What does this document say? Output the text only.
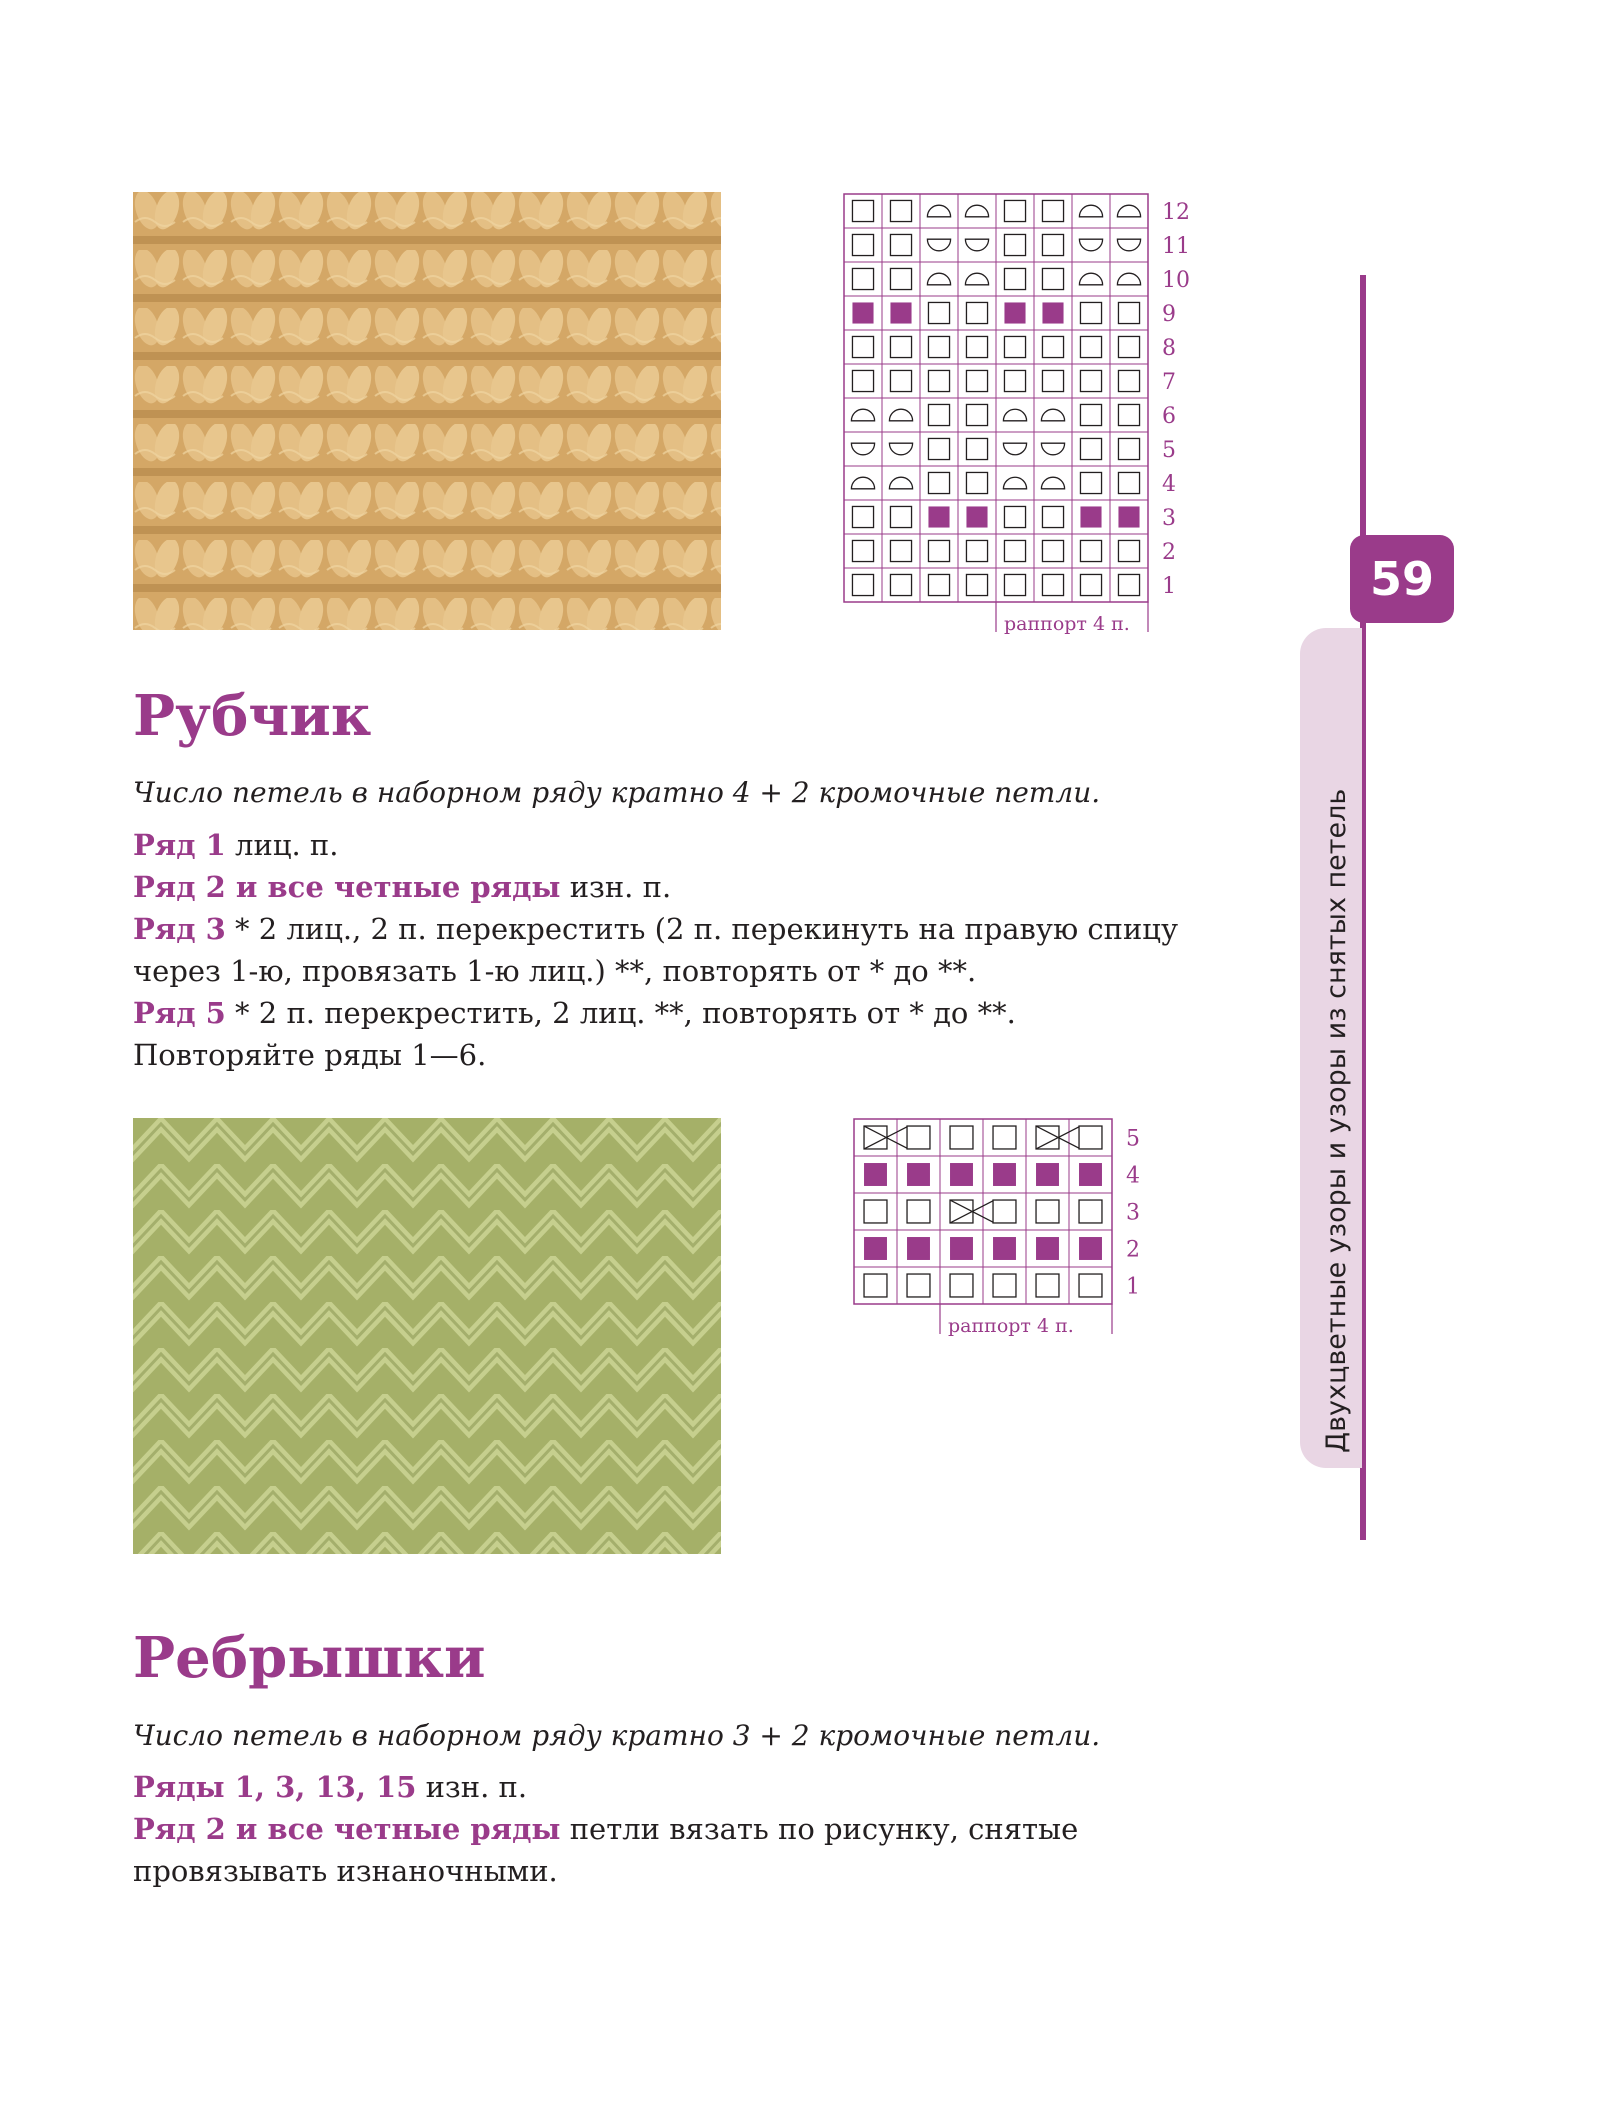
Двухцветные узоры и узоры из снятых петель
59
12
11
10
9
8
7
6
5
4
3
2
1
раппорт 4 п.
Рубчик

Число петель в наборном ряду кратно 4 + 2 кромочные петли.

Ряд 1 лиц. п.

Ряд 2 и все четные ряды изн. п.

Ряд 3 * 2 лиц., 2 п. перекрестить (2 п. перекинуть на правую спицу через 1-ю, провязать 1-ю лиц.) **, повторять от * до **.

Ряд 5 * 2 п. перекрестить, 2 лиц. **, повторять от * до **.

Повторяйте ряды 1—6.

5
4
3
2
1
раппорт 4 п.
Ребрышки

Число петель в наборном ряду кратно 3 + 2 кромочные петли.

Ряды 1, 3, 13, 15 изн. п.

Ряд 2 и все четные ряды петли вязать по рисунку, снятые провязывать изнаночными.
